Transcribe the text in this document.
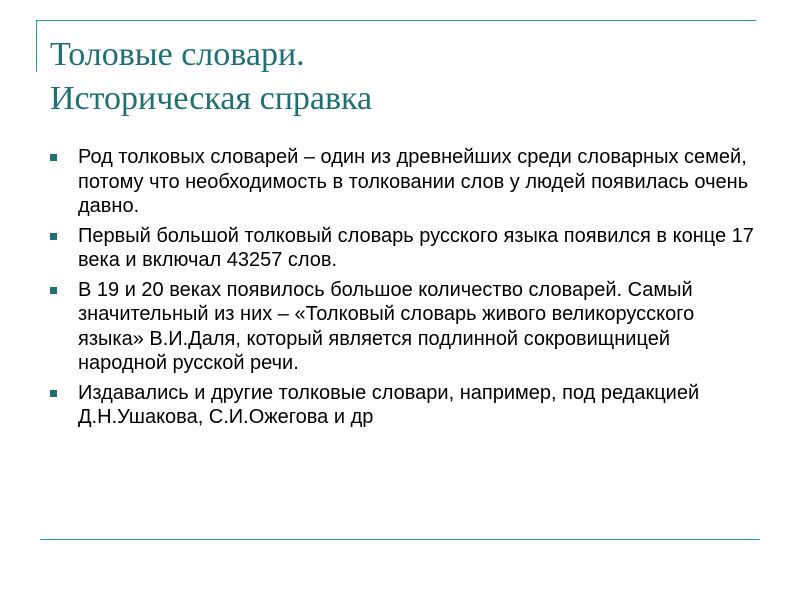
Толовые словари.
Историческая справка
Род толковых словарей – один из древнейших среди словарных семей, потому что необходимость в толковании слов у людей появилась очень давно.
Первый большой толковый словарь русского языка появился в конце 17 века и включал 43257 слов.
В 19 и 20 веках появилось большое количество словарей. Самый значительный из них – «Толковый словарь живого великорусского языка» В.И.Даля, который является подлинной сокровищницей народной русской речи.
Издавались и другие толковые словари, например, под редакцией Д.Н.Ушакова, С.И.Ожегова и др
